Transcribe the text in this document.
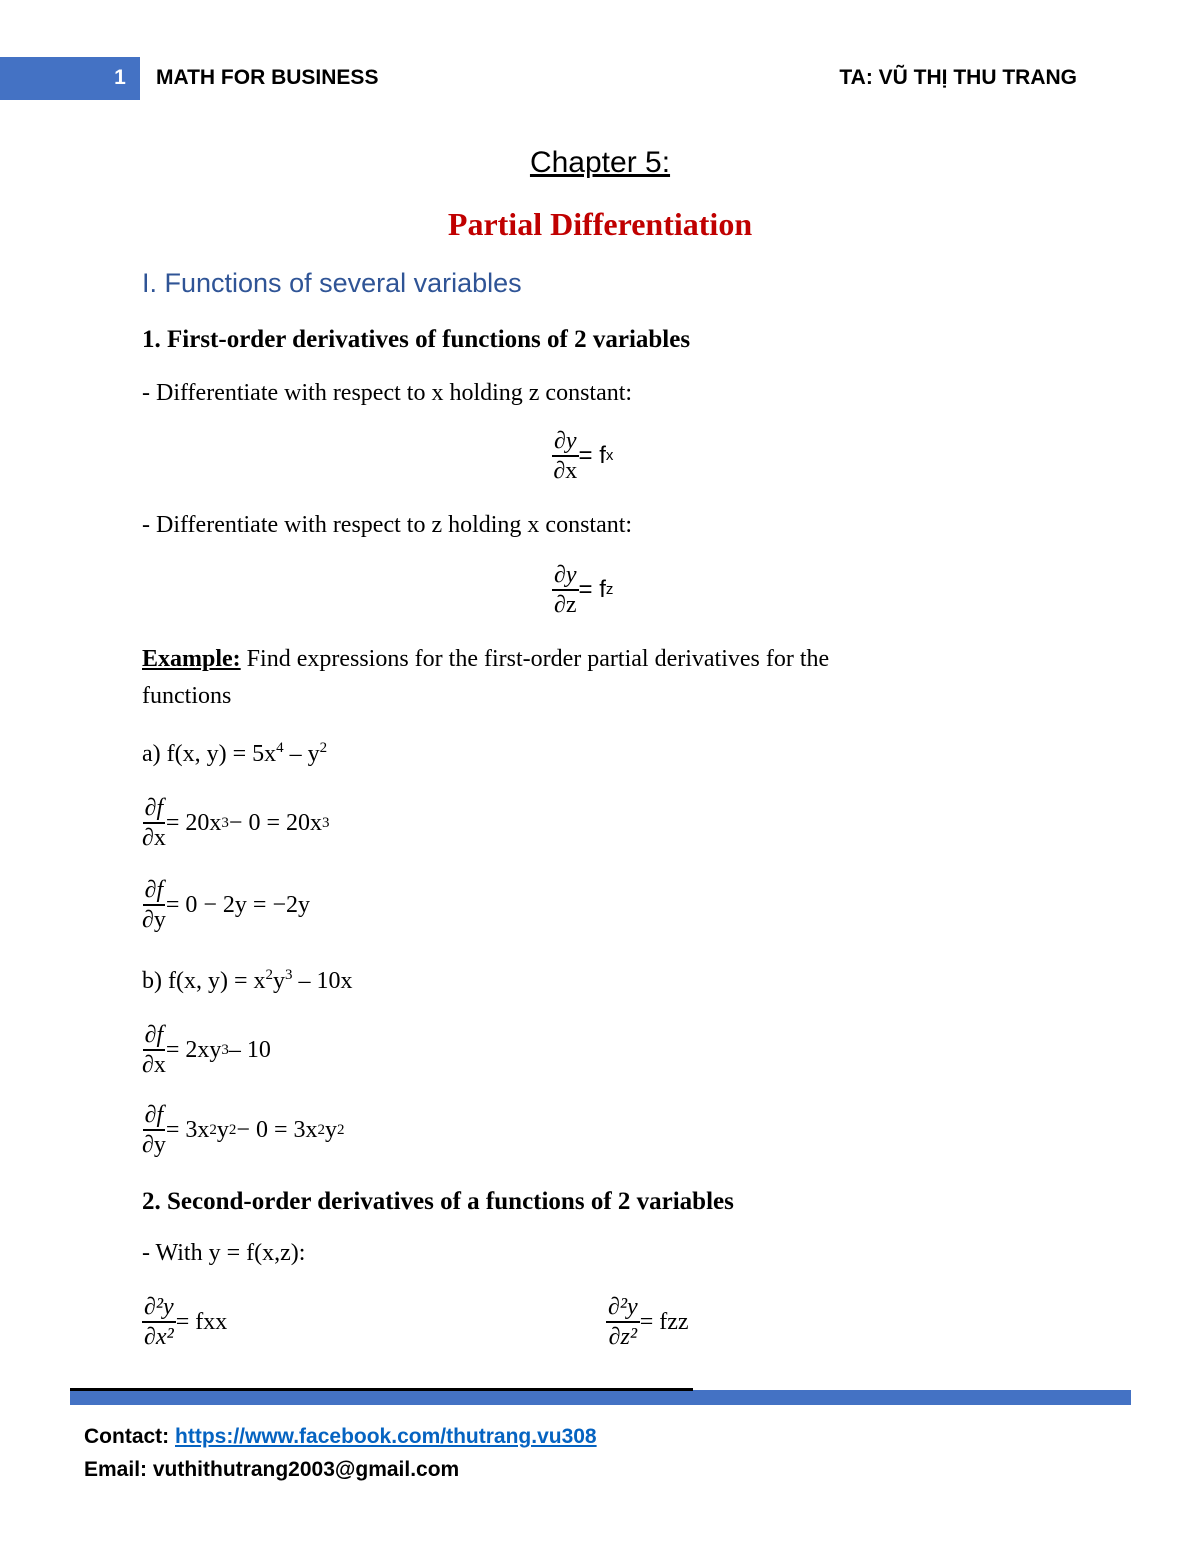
1	MATH FOR BUSINESS	TA: VŨ THỊ THU TRANG
Chapter 5:
Partial Differentiation
I. Functions of several variables
1. First-order derivatives of functions of 2 variables
- Differentiate with respect to x holding z constant:
$\frac{\partial y}{\partial x} = f$ x
- Differentiate with respect to z holding x constant:
$\frac{\partial y}{\partial z} = f$ z
Example: Find expressions for the first-order partial derivatives for the
functions
a) f(x, $y) = 5x^4 - y^2$
$\frac{\partial f}{\partial x} = 20x$ 3 − 0 = 20x 3
$\frac{\partial f}{\partial y} = 0 - 2y = -2y$
b) f(x, $y) = x^2y^3 - 10x$
$\frac{\partial f}{\partial x} = 2xy$ 3 – 10
$\frac{\partial f}{\partial y} = 3x$ 2 y 2 − 0 = 3x 2 y 2
2. Second-order derivatives of a functions of 2 variables
- With y = f(x,z):
$\frac{\text{∂²y}}{\text{∂x²}}$ = fxx	$\frac{\text{∂²y}}{\text{∂z²}}$ = fzz
Contact: https://www.facebook.com/thutrang.vu308
Email: vuthithutrang2003@gmail.com
